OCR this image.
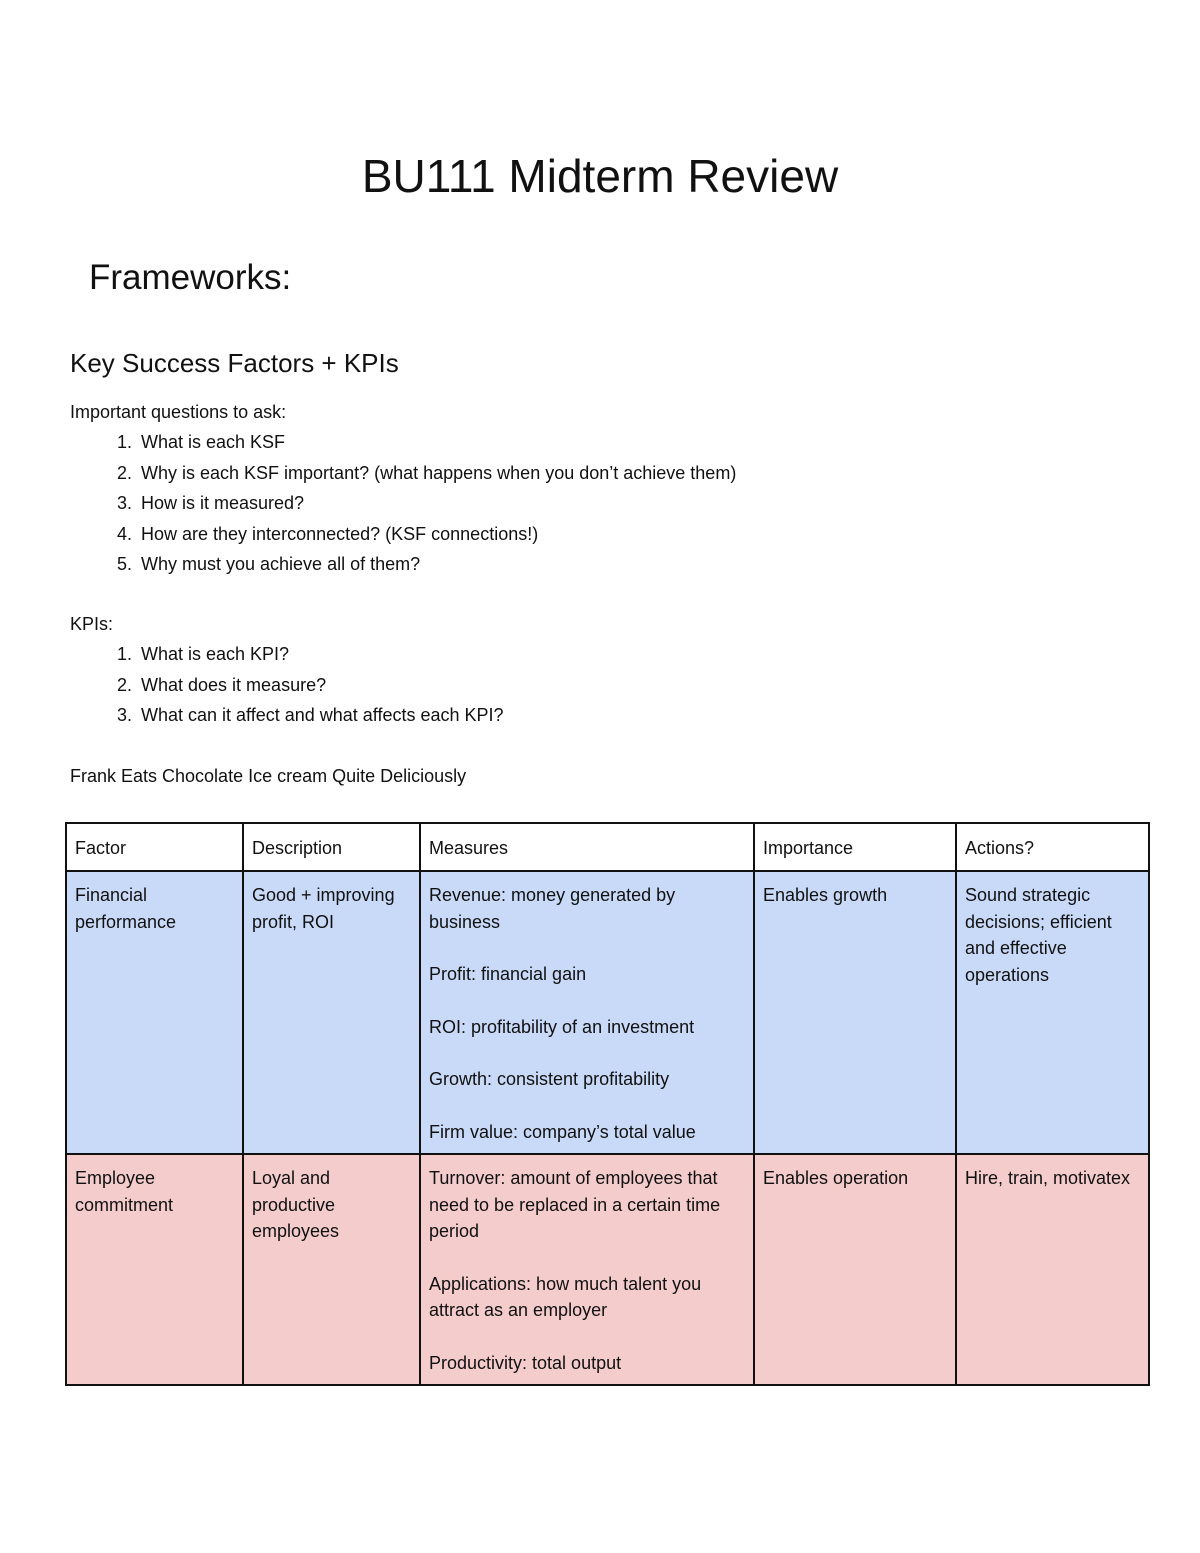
BU111 Midterm Review
Frameworks:
Key Success Factors + KPIs

Important questions to ask:

1. What is each KSF
2. Why is each KSF important? (what happens when you don’t achieve them)
3. How is it measured?
4. How are they interconnected? (KSF connections!)
5. Why must you achieve all of them?

KPIs:

1. What is each KPI?
2. What does it measure?
3. What can it affect and what affects each KPI?

Frank Eats Chocolate Ice cream Quite Deliciously

Factor	Description	Measures	Importance	Actions?
Financial performance	Good + improving profit, ROI	Revenue: money generated by business
Profit: financial gain
ROI: profitability of an investment
Growth: consistent profitability
Firm value: company’s total value	Enables growth	Sound strategic decisions; efficient and effective operations
Employee commitment	Loyal and productive employees	Turnover: amount of employees that need to be replaced in a certain time period
Applications: how much talent you attract as an employer
Productivity: total output	Enables operation	Hire, train, motivatex
